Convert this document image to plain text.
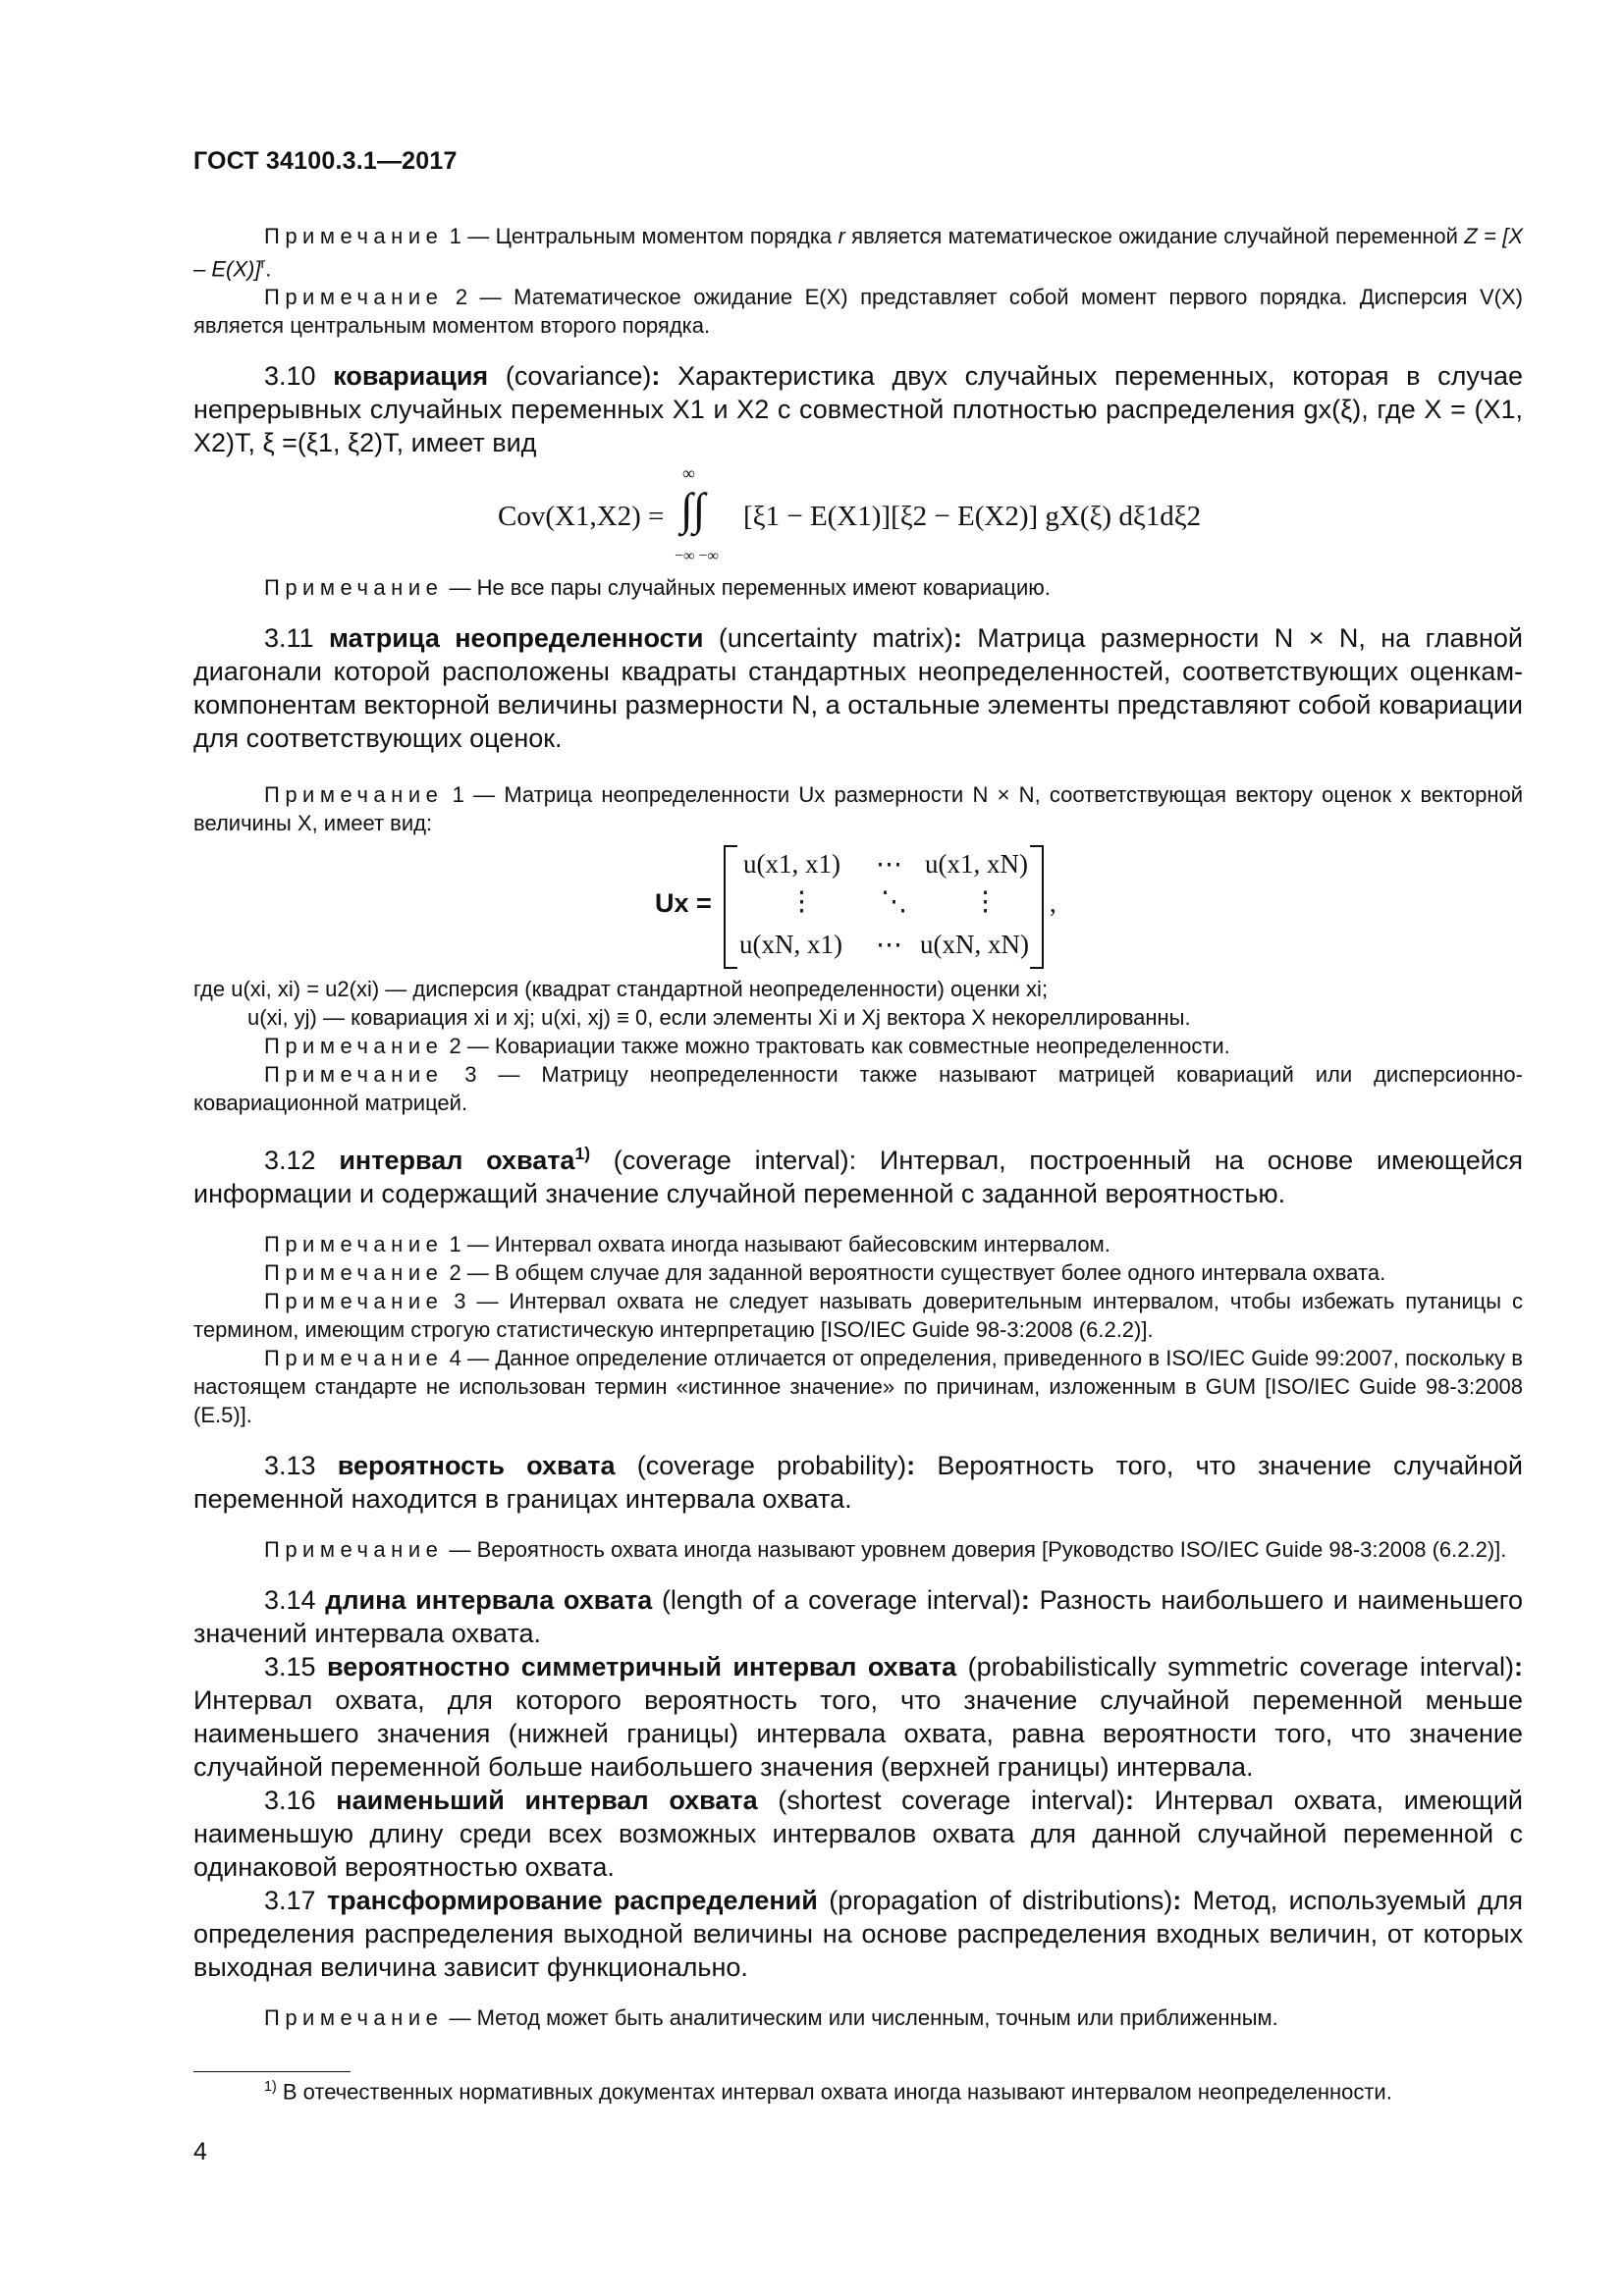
ГОСТ 34100.3.1—2017

Примечание 1 — Центральным моментом порядка r является математическое ожидание случайной переменной Z = [X – E(X)]$^r$.

Примечание 2 — Математическое ожидание E(X) представляет собой момент первого порядка. Дисперсия V(X) является центральным моментом второго порядка.

3.10 ковариация (covariance): Характеристика двух случайных переменных, которая в случае непрерывных случайных переменных X1 и X2 с совместной плотностью распределения gx(ξ), где X = (X1, X2)T, ξ =(ξ1, ξ2)T, имеет вид

Cov(X1,X2) =
∞
∫∫
−∞ −∞
[ξ1 − E(X1)][ξ2 − E(X2)] gX(ξ) dξ1dξ2

Примечание — Не все пары случайных переменных имеют ковариацию.

3.11 матрица неопределенности (uncertainty matrix): Матрица размерности N × N, на главной диагонали которой расположены квадраты стандартных неопределенностей, соответствующих оценкам-компонентам векторной величины размерности N, а остальные элементы представляют собой ковариации для соответствующих оценок.

Примечание 1 — Матрица неопределенности Ux размерности N × N, соответствующая вектору оценок x векторной величины X, имеет вид:

Ux =
u(x1, x1) ⋯ u(x1, xN)
⋮ ⋱ ⋮
u(xN, x1) ⋯ u(xN, xN)
,

где u(xi, xi) = u2(xi) — дисперсия (квадрат стандартной неопределенности) оценки xi;

u(xi, yj) — ковариация xi и xj; u(xi, xj) ≡ 0, если элементы Xi и Xj вектора X некореллированны.

Примечание 2 — Ковариации также можно трактовать как совместные неопределенности.

Примечание 3 — Матрицу неопределенности также называют матрицей ковариаций или дисперсионно-ковариационной матрицей.

3.12 интервал охвата$^{1)}$ (coverage interval): Интервал, построенный на основе имеющейся информации и содержащий значение случайной переменной с заданной вероятностью.

Примечание 1 — Интервал охвата иногда называют байесовским интервалом.

Примечание 2 — В общем случае для заданной вероятности существует более одного интервала охвата.

Примечание 3 — Интервал охвата не следует называть доверительным интервалом, чтобы избежать путаницы с термином, имеющим строгую статистическую интерпретацию [ISO/IEC Guide 98-3:2008 (6.2.2)].

Примечание 4 — Данное определение отличается от определения, приведенного в ISO/IEC Guide 99:2007, поскольку в настоящем стандарте не использован термин «истинное значение» по причинам, изложенным в GUM [ISO/IEC Guide 98-3:2008 (E.5)].

3.13 вероятность охвата (coverage probability): Вероятность того, что значение случайной переменной находится в границах интервала охвата.

Примечание — Вероятность охвата иногда называют уровнем доверия [Руководство ISO/IEC Guide 98-3:2008 (6.2.2)].

3.14 длина интервала охвата (length of a coverage interval): Разность наибольшего и наименьшего значений интервала охвата.

3.15 вероятностно симметричный интервал охвата (probabilistically symmetric coverage interval): Интервал охвата, для которого вероятность того, что значение случайной переменной меньше наименьшего значения (нижней границы) интервала охвата, равна вероятности того, что значение случайной переменной больше наибольшего значения (верхней границы) интервала.

3.16 наименьший интервал охвата (shortest coverage interval): Интервал охвата, имеющий наименьшую длину среди всех возможных интервалов охвата для данной случайной переменной с одинаковой вероятностью охвата.

3.17 трансформирование распределений (propagation of distributions): Метод, используемый для определения распределения выходной величины на основе распределения входных величин, от которых выходная величина зависит функционально.

Примечание — Метод может быть аналитическим или численным, точным или приближенным.

$^{1)}$ В отечественных нормативных документах интервал охвата иногда называют интервалом неопределенности.
4
